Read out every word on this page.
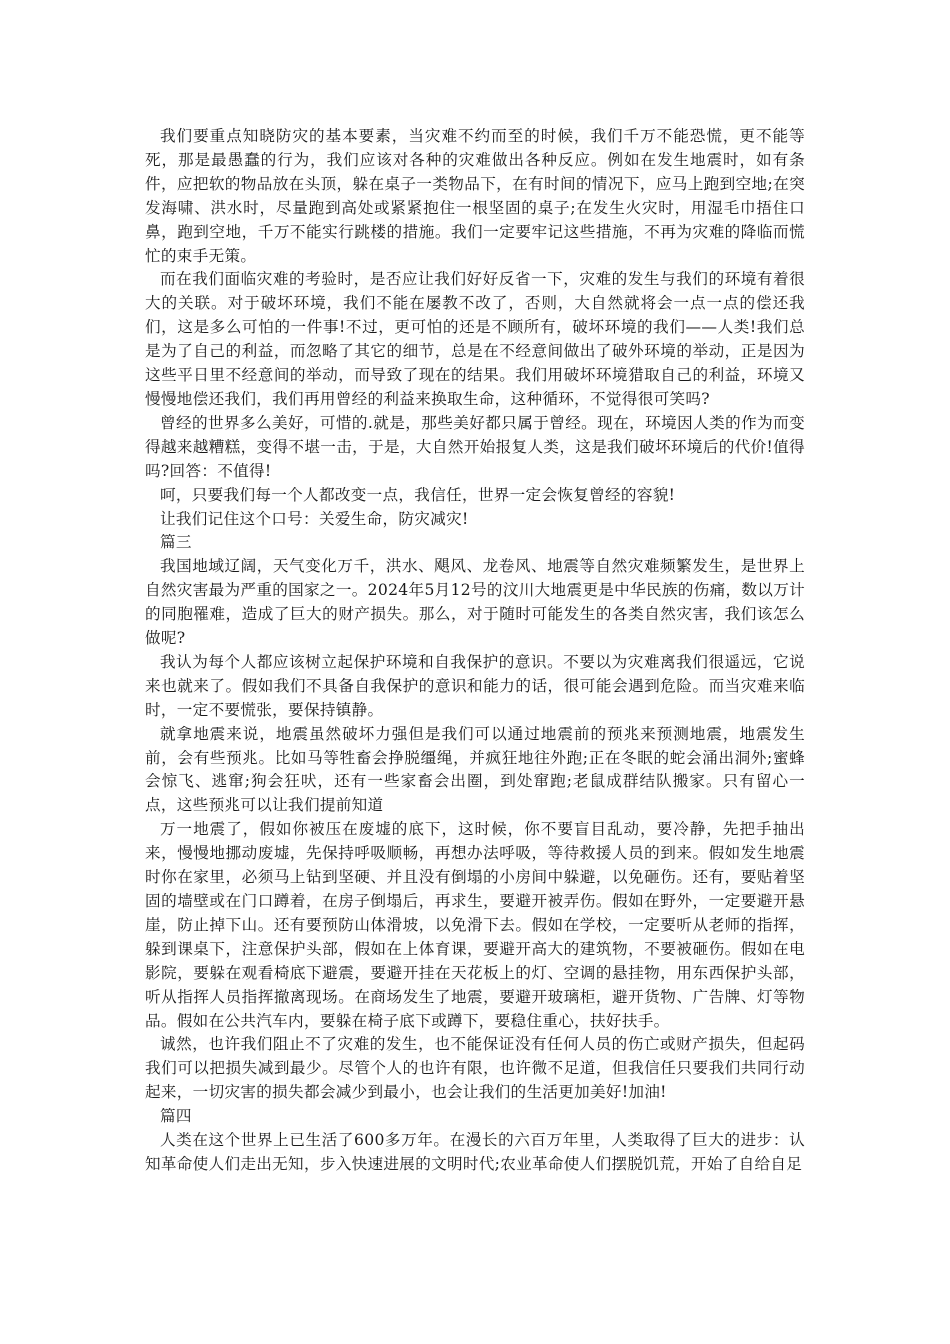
我们要重点知晓防灾的基本要素，当灾难不约而至的时候，我们千万不能恐慌，更不能等死，那是最愚蠢的行为，我们应该对各种的灾难做出各种反应。例如在发生地震时，如有条件，应把软的物品放在头顶，躲在桌子一类物品下，在有时间的情况下，应马上跑到空地;在突发海啸、洪水时，尽量跑到高处或紧紧抱住一根坚固的桌子;在发生火灾时，用湿毛巾捂住口鼻，跑到空地，千万不能实行跳楼的措施。我们一定要牢记这些措施，不再为灾难的降临而慌忙的束手无策。

而在我们面临灾难的考验时，是否应让我们好好反省一下，灾难的发生与我们的环境有着很大的关联。对于破坏环境，我们不能在屡教不改了，否则，大自然就将会一点一点的偿还我们，这是多么可怕的一件事!不过，更可怕的还是不顾所有，破坏环境的我们——人类!我们总是为了自己的利益，而忽略了其它的细节，总是在不经意间做出了破外环境的举动，正是因为这些平日里不经意间的举动，而导致了现在的结果。我们用破坏环境猎取自己的利益，环境又慢慢地偿还我们，我们再用曾经的利益来换取生命，这种循环，不觉得很可笑吗?

曾经的世界多么美好，可惜的.就是，那些美好都只属于曾经。现在，环境因人类的作为而变得越来越糟糕，变得不堪一击，于是，大自然开始报复人类，这是我们破坏环境后的代价!值得吗?回答：不值得!

呵，只要我们每一个人都改变一点，我信任，世界一定会恢复曾经的容貌!

让我们记住这个口号：关爱生命，防灾减灾!

篇三

我国地域辽阔，天气变化万千，洪水、飓风、龙卷风、地震等自然灾难频繁发生，是世界上自然灾害最为严重的国家之一。2024年5月12号的汶川大地震更是中华民族的伤痛，数以万计的同胞罹难，造成了巨大的财产损失。那么，对于随时可能发生的各类自然灾害，我们该怎么做呢?

我认为每个人都应该树立起保护环境和自我保护的意识。不要以为灾难离我们很遥远，它说来也就来了。假如我们不具备自我保护的意识和能力的话，很可能会遇到危险。而当灾难来临时，一定不要慌张，要保持镇静。

就拿地震来说，地震虽然破坏力强但是我们可以通过地震前的预兆来预测地震，地震发生前，会有些预兆。比如马等牲畜会挣脱缰绳，并疯狂地往外跑;正在冬眠的蛇会涌出洞外;蜜蜂会惊飞、逃窜;狗会狂吠，还有一些家畜会出圈，到处窜跑;老鼠成群结队搬家。只有留心一点，这些预兆可以让我们提前知道

万一地震了，假如你被压在废墟的底下，这时候，你不要盲目乱动，要冷静，先把手抽出来，慢慢地挪动废墟，先保持呼吸顺畅，再想办法呼吸，等待救援人员的到来。假如发生地震时你在家里，必须马上钻到坚硬、并且没有倒塌的小房间中躲避，以免砸伤。还有，要贴着坚固的墙壁或在门口蹲着，在房子倒塌后，再求生，要避开被弄伤。假如在野外，一定要避开悬崖，防止掉下山。还有要预防山体滑坡，以免滑下去。假如在学校，一定要听从老师的指挥，躲到课桌下，注意保护头部，假如在上体育课，要避开高大的建筑物，不要被砸伤。假如在电影院，要躲在观看椅底下避震，要避开挂在天花板上的灯、空调的悬挂物，用东西保护头部，听从指挥人员指挥撤离现场。在商场发生了地震，要避开玻璃柜，避开货物、广告牌、灯等物品。假如在公共汽车内，要躲在椅子底下或蹲下，要稳住重心，扶好扶手。

诚然，也许我们阻止不了灾难的发生，也不能保证没有任何人员的伤亡或财产损失，但起码我们可以把损失减到最少。尽管个人的也许有限，也许微不足道，但我信任只要我们共同行动起来，一切灾害的损失都会减少到最小，也会让我们的生活更加美好!加油!

篇四

人类在这个世界上已生活了600多万年。在漫长的六百万年里，人类取得了巨大的进步：认知革命使人们走出无知，步入快速进展的文明时代;农业革命使人们摆脱饥荒，开始了自给自足
